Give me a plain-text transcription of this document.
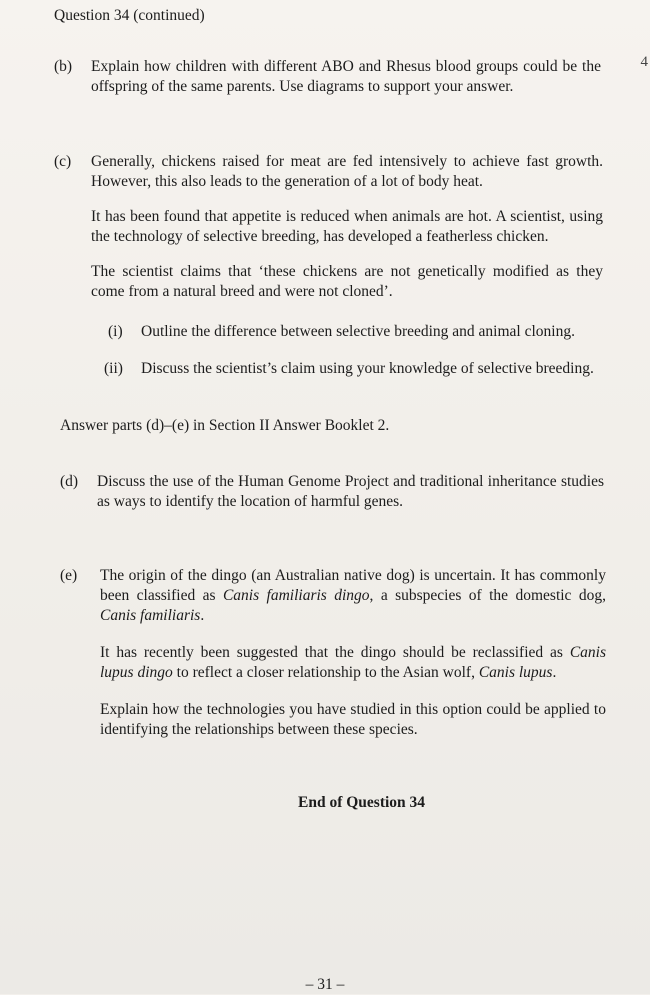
Question 34 (continued)
4
(b) Explain how children with different ABO and Rhesus blood groups could be the offspring of the same parents. Use diagrams to support your answer.

(c) Generally, chickens raised for meat are fed intensively to achieve fast growth. However, this also leads to the generation of a lot of body heat.

It has been found that appetite is reduced when animals are hot. A scientist, using the technology of selective breeding, has developed a featherless chicken.

The scientist claims that ‘these chickens are not genetically modified as they come from a natural breed and were not cloned’.

(i) Outline the difference between selective breeding and animal cloning.
(ii) Discuss the scientist’s claim using your knowledge of selective breeding.
Answer parts (d)–(e) in Section II Answer Booklet 2.
(d) Discuss the use of the Human Genome Project and traditional inheritance studies as ways to identify the location of harmful genes.

(e) The origin of the dingo (an Australian native dog) is uncertain. It has commonly been classified as Canis familiaris dingo, a subspecies of the domestic dog, Canis familiaris.

It has recently been suggested that the dingo should be reclassified as Canis lupus dingo to reflect a closer relationship to the Asian wolf, Canis lupus.

Explain how the technologies you have studied in this option could be applied to identifying the relationships between these species.

End of Question 34
– 31 –
